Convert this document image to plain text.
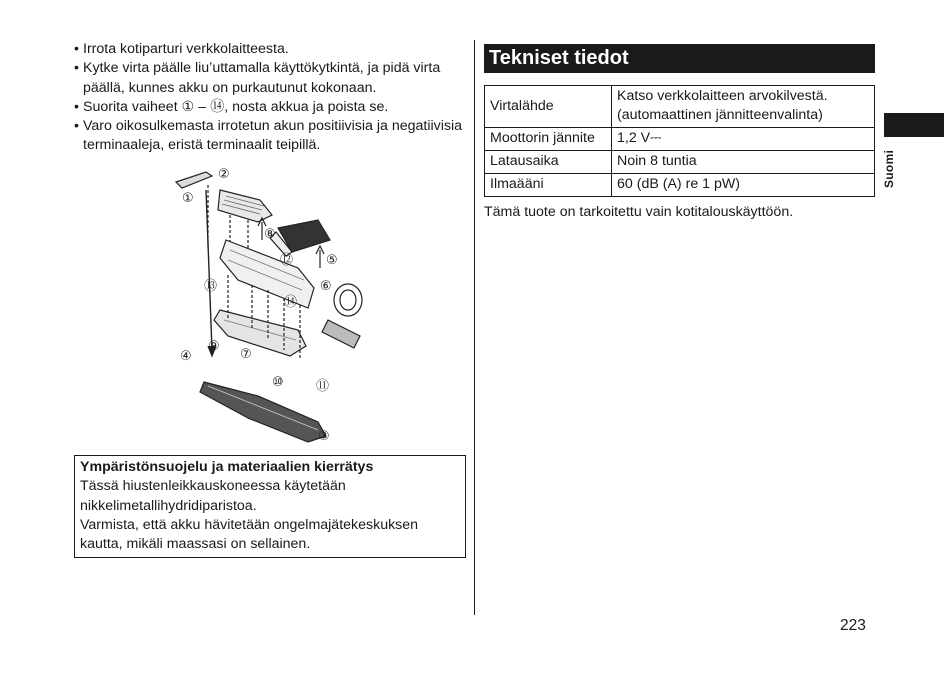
• Irrota kotiparturi verkkolaitteesta.
• Kytke virta päälle liu’uttamalla käyttökytkintä, ja pidä virta päällä, kunnes akku on purkautunut kokonaan.
• Suorita vaiheet ① – ⑭, nosta akkua ja poista se.
• Varo oikosulkemasta irrotetun akun positiivisia ja negatiivisia terminaaleja, eristä terminaalit teipillä.
①
②
③
④
⑤
⑥
⑦
⑧
⑨
⑩ ⑪
⑫
⑬
⑭
Ympäristönsuojelu ja materiaalien kierrätys

Tässä hiustenleikkauskoneessa käytetään nikkelimetallihydridiparistoa.

Varmista, että akku hävitetään ongelmajätekeskuksen kautta, mikäli maassasi on sellainen.

Tekniset tiedot
Virtalähde	Katso verkkolaitteen arvokilvestä. (automaattinen jännitteenvalinta)
Moottorin jännite	1,2 V⎓
Latausaika	Noin 8 tuntia
Ilmaääni	60 (dB (A) re 1 pW)
Tämä tuote on tarkoitettu vain kotitalouskäyttöön.
Suomi
223
